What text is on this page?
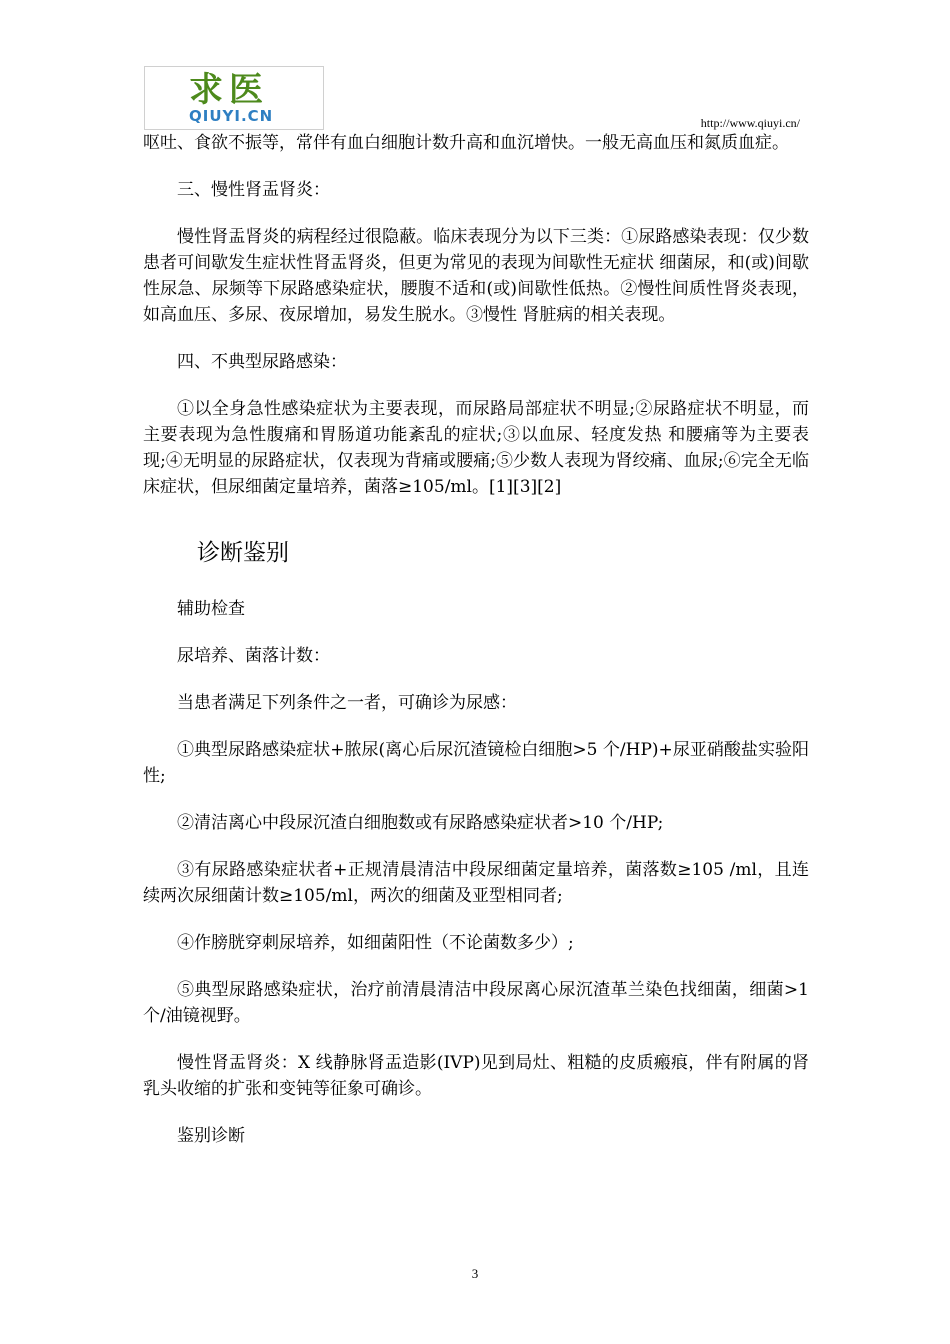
求医
QIUYI.CN	http://www.qiuyi.cn/

呕吐、食欲不振等，常伴有血白细胞计数升高和血沉增快。一般无高血压和氮质血症。

三、慢性肾盂肾炎：

慢性肾盂肾炎的病程经过很隐蔽。临床表现分为以下三类：①尿路感染表现：仅少数患者可间歇发生症状性肾盂肾炎，但更为常见的表现为间歇性无症状 细菌尿，和(或)间歇性尿急、尿频等下尿路感染症状，腰腹不适和(或)间歇性低热。②慢性间质性肾炎表现，如高血压、多尿、夜尿增加，易发生脱水。③慢性 肾脏病的相关表现。

四、不典型尿路感染：

①以全身急性感染症状为主要表现，而尿路局部症状不明显;②尿路症状不明显，而主要表现为急性腹痛和胃肠道功能紊乱的症状;③以血尿、轻度发热 和腰痛等为主要表现;④无明显的尿路症状，仅表现为背痛或腰痛;⑤少数人表现为肾绞痛、血尿;⑥完全无临床症状，但尿细菌定量培养，菌落≥105/ml。[1][3][2]

诊断鉴别

辅助检查

尿培养、菌落计数：

当患者满足下列条件之一者，可确诊为尿感：

①典型尿路感染症状+脓尿(离心后尿沉渣镜检白细胞>5 个/HP)+尿亚硝酸盐实验阳性;

②清洁离心中段尿沉渣白细胞数或有尿路感染症状者>10 个/HP;

③有尿路感染症状者+正规清晨清洁中段尿细菌定量培养，菌落数≥105 /ml，且连续两次尿细菌计数≥105/ml，两次的细菌及亚型相同者;

④作膀胱穿刺尿培养，如细菌阳性（不论菌数多少）;

⑤典型尿路感染症状，治疗前清晨清洁中段尿离心尿沉渣革兰染色找细菌，细菌>1 个/油镜视野。

慢性肾盂肾炎：X 线静脉肾盂造影(IVP)见到局灶、粗糙的皮质瘢痕，伴有附属的肾乳头收缩的扩张和变钝等征象可确诊。

鉴别诊断

3
